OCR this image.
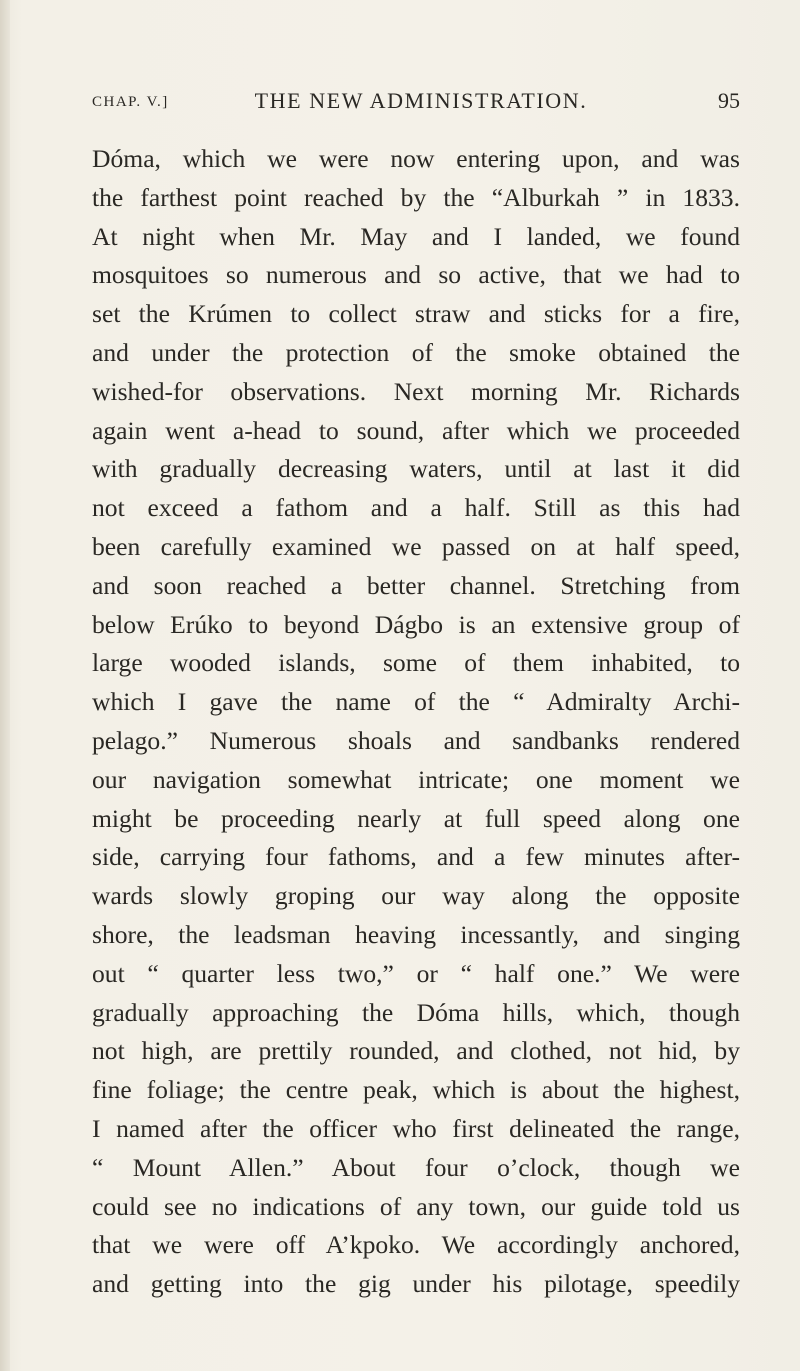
CHAP. V.]	THE NEW ADMINISTRATION.	95
Dóma, which we were now entering upon, and was
the farthest point reached by the “Alburkah ” in 1833.
At night when Mr. May and I landed, we found
mosquitoes so numerous and so active, that we had to
set the Krúmen to collect straw and sticks for a fire,
and under the protection of the smoke obtained the
wished-for observations. Next morning Mr. Richards
again went a-head to sound, after which we proceeded
with gradually decreasing waters, until at last it did
not exceed a fathom and a half. Still as this had
been carefully examined we passed on at half speed,
and soon reached a better channel. Stretching from
below Erúko to beyond Dágbo is an extensive group of
large wooded islands, some of them inhabited, to
which I gave the name of the “ Admiralty Archi-
pelago.” Numerous shoals and sandbanks rendered
our navigation somewhat intricate; one moment we
might be proceeding nearly at full speed along one
side, carrying four fathoms, and a few minutes after-
wards slowly groping our way along the opposite
shore, the leadsman heaving incessantly, and singing
out “ quarter less two,” or “ half one.” We were
gradually approaching the Dóma hills, which, though
not high, are prettily rounded, and clothed, not hid, by
fine foliage; the centre peak, which is about the highest,
I named after the officer who first delineated the range,
“ Mount Allen.” About four o’clock, though we
could see no indications of any town, our guide told us
that we were off A’kpoko. We accordingly anchored,
and getting into the gig under his pilotage, speedily
